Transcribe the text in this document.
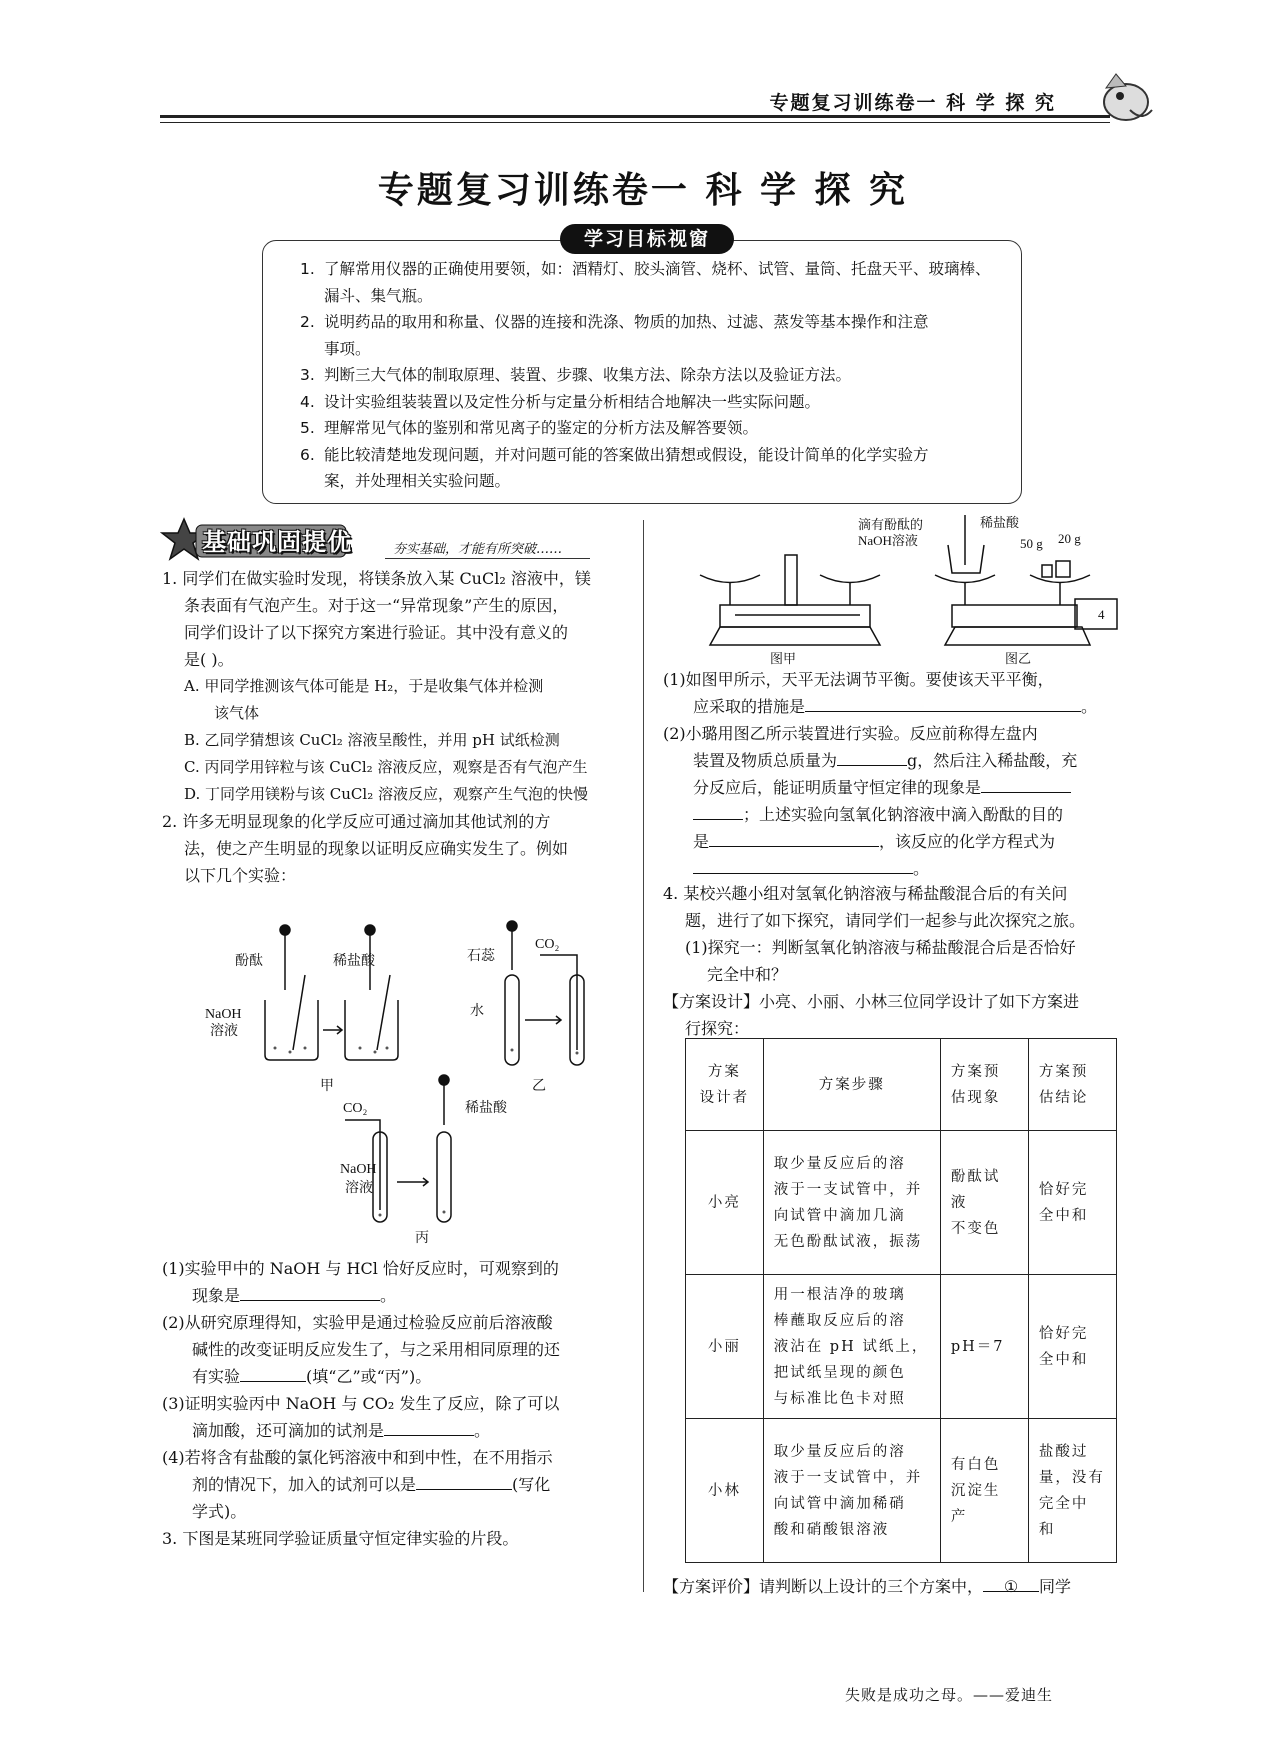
专题复习训练卷一 科 学 探 究
专题复习训练卷一 科 学 探 究
学习目标视窗
1. 了解常用仪器的正确使用要领，如：酒精灯、胶头滴管、烧杯、试管、量筒、托盘天平、玻璃棒、
漏斗、集气瓶。
2. 说明药品的取用和称量、仪器的连接和洗涤、物质的加热、过滤、蒸发等基本操作和注意
事项。
3. 判断三大气体的制取原理、装置、步骤、收集方法、除杂方法以及验证方法。
4. 设计实验组装装置以及定性分析与定量分析相结合地解决一些实际问题。
5. 理解常见气体的鉴别和常见离子的鉴定的分析方法及解答要领。
6. 能比较清楚地发现问题，并对问题可能的答案做出猜想或假设，能设计简单的化学实验方
案，并处理相关实验问题。
基础巩固提优	夯实基础，才能有所突破……
1. 同学们在做实验时发现，将镁条放入某 CuCl₂ 溶液中，镁
条表面有气泡产生。对于这一“异常现象”产生的原因，
同学们设计了以下探究方案进行验证。其中没有意义的
是( )。
A. 甲同学推测该气体可能是 H₂，于是收集气体并检测
该气体
B. 乙同学猜想该 CuCl₂ 溶液呈酸性，并用 pH 试纸检测
C. 丙同学用锌粒与该 CuCl₂ 溶液反应，观察是否有气泡产生
D. 丁同学用镁粉与该 CuCl₂ 溶液反应，观察产生气泡的快慢
2. 许多无明显现象的化学反应可通过滴加其他试剂的方
法，使之产生明显的现象以证明反应确实发生了。例如
以下几个实验：
酚酞	稀盐酸
NaOH
溶液
甲
石蕊
CO₂
水
乙
CO₂	稀盐酸
NaOH
溶液
丙
(1)实验甲中的 NaOH 与 HCl 恰好反应时，可观察到的
现象是	。
(2)从研究原理得知，实验甲是通过检验反应前后溶液酸
碱性的改变证明反应发生了，与之采用相同原理的还
有实验	(填“乙”或“丙”)。
(3)证明实验丙中 NaOH 与 CO₂ 发生了反应，除了可以
滴加酸，还可滴加的试剂是	。
(4)若将含有盐酸的氯化钙溶液中和到中性，在不用指示
剂的情况下，加入的试剂可以是	(写化
学式)。
3. 下图是某班同学验证质量守恒定律实验的片段。
滴有酚酞的
NaOH溶液
稀盐酸
50 g 20 g
4
图甲	图乙
(1)如图甲所示，天平无法调节平衡。要使该天平平衡，
应采取的措施是	。
(2)小璐用图乙所示装置进行实验。反应前称得左盘内
装置及物质总质量为	g，然后注入稀盐酸，充
分反应后，能证明质量守恒定律的现象是
；上述实验向氢氧化钠溶液中滴入酚酞的目的
是	，该反应的化学方程式为
。
4. 某校兴趣小组对氢氧化钠溶液与稀盐酸混合后的有关问
题，进行了如下探究，请同学们一起参与此次探究之旅。
(1)探究一：判断氢氧化钠溶液与稀盐酸混合后是否恰好
完全中和？
【方案设计】小亮、小丽、小林三位同学设计了如下方案进
行探究：
方案
设计者	方案步骤	方案预
估现象	方案预
估结论
小亮	取少量反应后的溶
液于一支试管中，并
向试管中滴加几滴
无色酚酞试液，振荡	酚酞试
液
不变色	恰好完
全中和
小丽	用一根洁净的玻璃
棒蘸取反应后的溶
液沾在 pH 试纸上，
把试纸呈现的颜色
与标准比色卡对照	pH＝7	恰好完
全中和
小林	取少量反应后的溶
液于一支试管中，并
向试管中滴加稀硝
酸和硝酸银溶液	有白色
沉淀生
产	盐酸过
量，没有
完全中
和
【方案评价】请判断以上设计的三个方案中， ① 同学
失败是成功之母。——爱迪生
